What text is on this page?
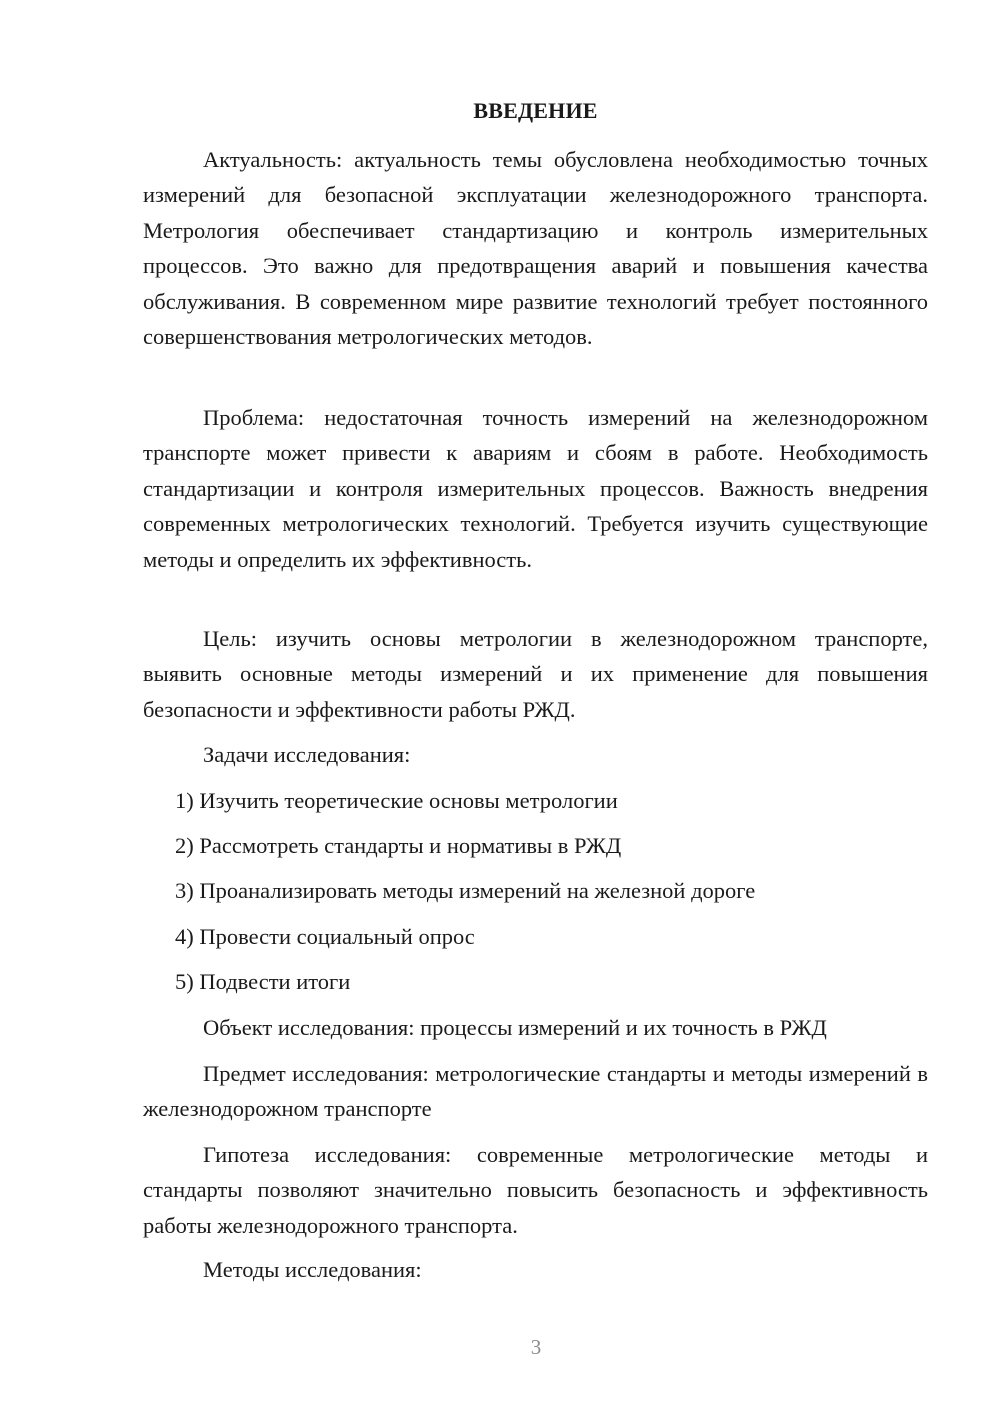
ВВЕДЕНИЕ

Актуальность: актуальность темы обусловлена необходимостью точных измерений для безопасной эксплуатации железнодорожного транспорта. Метрология обеспечивает стандартизацию и контроль измерительных процессов. Это важно для предотвращения аварий и повышения качества обслуживания. В современном мире развитие технологий требует постоянного совершенствования метрологических методов.

Проблема: недостаточная точность измерений на железнодорожном транспорте может привести к авариям и сбоям в работе. Необходимость стандартизации и контроля измерительных процессов. Важность внедрения современных метрологических технологий. Требуется изучить существующие методы и определить их эффективность.

Цель: изучить основы метрологии в железнодорожном транспорте, выявить основные методы измерений и их применение для повышения безопасности и эффективности работы РЖД.

Задачи исследования:

1) Изучить теоретические основы метрологии

2) Рассмотреть стандарты и нормативы в РЖД

3) Проанализировать методы измерений на железной дороге

4) Провести социальный опрос

5) Подвести итоги

Объект исследования: процессы измерений и их точность в РЖД

Предмет исследования: метрологические стандарты и методы измерений в железнодорожном транспорте

Гипотеза исследования: современные метрологические методы и стандарты позволяют значительно повысить безопасность и эффективность работы железнодорожного транспорта.

Методы исследования:

3
